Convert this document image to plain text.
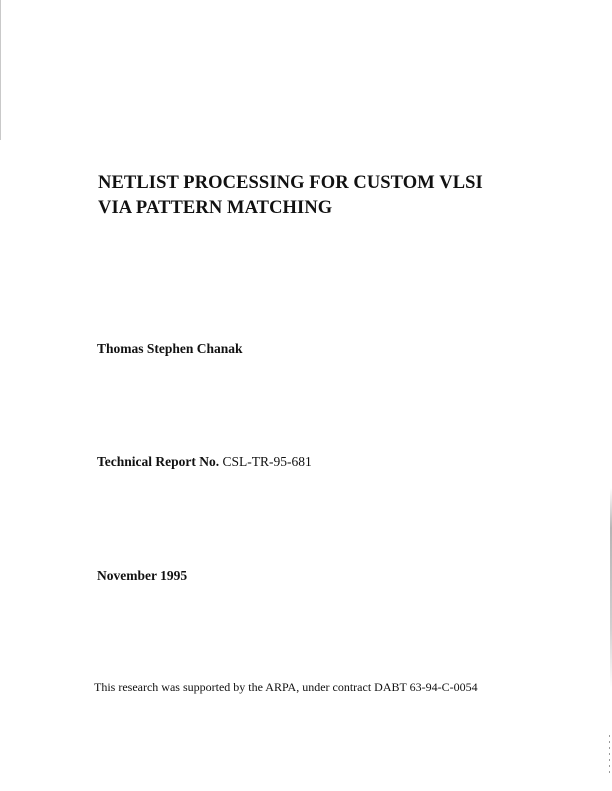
NETLIST PROCESSING FOR CUSTOM VLSI
VIA PATTERN MATCHING

Thomas Stephen Chanak

Technical Report No. CSL-TR-95-681

November 1995

This research was supported by the ARPA, under contract DABT 63-94-C-0054
